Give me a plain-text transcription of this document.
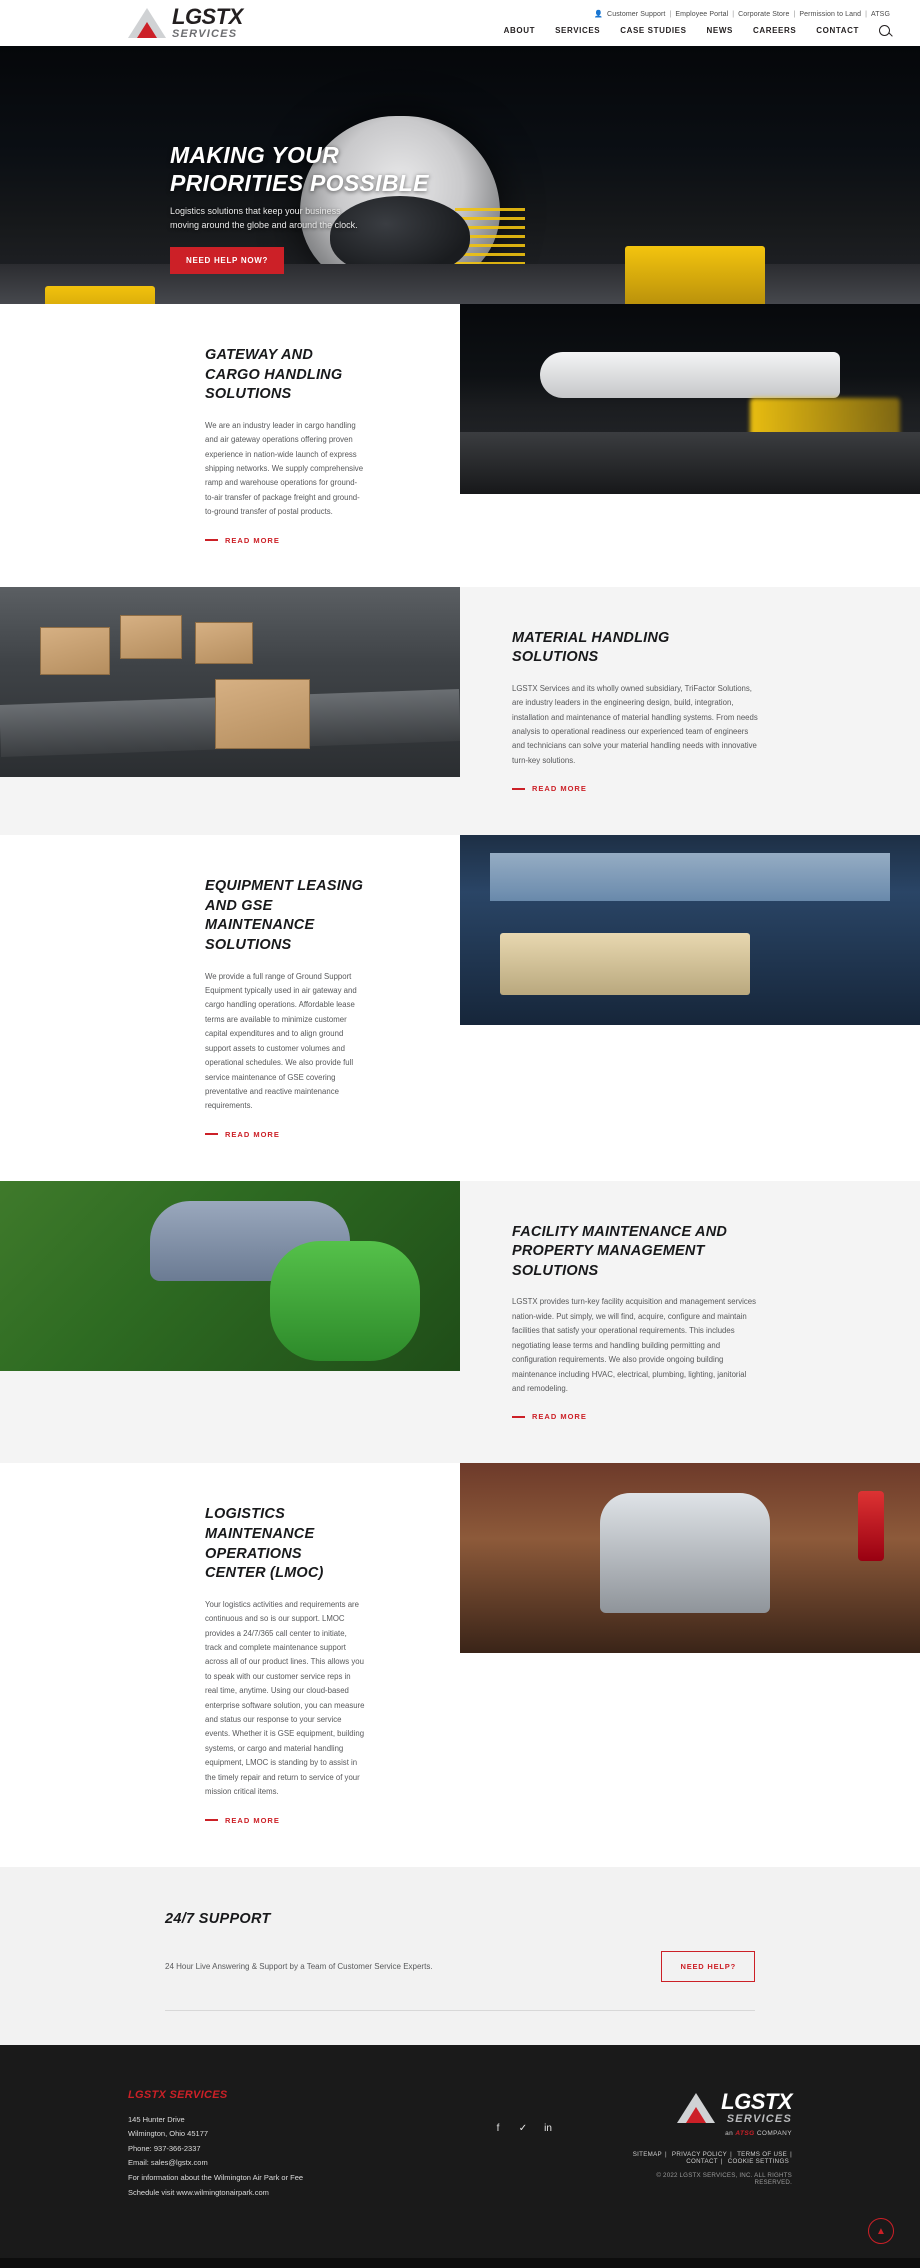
LGSTX
SERVICES
👤 Customer Support | Employee Portal | Corporate Store | Permission to Land | ATSG
ABOUT	SERVICES	CASE STUDIES	NEWS	CAREERS	CONTACT
MAKING YOUR
PRIORITIES POSSIBLE
Logistics solutions that keep your business moving around the globe and around the clock.
NEED HELP NOW?
GATEWAY AND CARGO HANDLING SOLUTIONS
We are an industry leader in cargo handling and air gateway operations offering proven experience in nation-wide launch of express shipping networks. We supply comprehensive ramp and warehouse operations for ground-to-air transfer of package freight and ground-to-ground transfer of postal products.
READ MORE
MATERIAL HANDLING SOLUTIONS
LGSTX Services and its wholly owned subsidiary, TriFactor Solutions, are industry leaders in the engineering design, build, integration, installation and maintenance of material handling systems. From needs analysis to operational readiness our experienced team of engineers and technicians can solve your material handling needs with innovative turn-key solutions.
READ MORE
EQUIPMENT LEASING AND GSE MAINTENANCE SOLUTIONS
We provide a full range of Ground Support Equipment typically used in air gateway and cargo handling operations. Affordable lease terms are available to minimize customer capital expenditures and to align ground support assets to customer volumes and operational schedules. We also provide full service maintenance of GSE covering preventative and reactive maintenance requirements.
READ MORE
FACILITY MAINTENANCE AND PROPERTY MANAGEMENT SOLUTIONS
LGSTX provides turn-key facility acquisition and management services nation-wide. Put simply, we will find, acquire, configure and maintain facilities that satisfy your operational requirements. This includes negotiating lease terms and handling building permitting and configuration requirements. We also provide ongoing building maintenance including HVAC, electrical, plumbing, lighting, janitorial and remodeling.
READ MORE
LOGISTICS MAINTENANCE OPERATIONS CENTER (LMOC)
Your logistics activities and requirements are continuous and so is our support. LMOC provides a 24/7/365 call center to initiate, track and complete maintenance support across all of our product lines. This allows you to speak with our customer service reps in real time, anytime. Using our cloud-based enterprise software solution, you can measure and status our response to your service events. Whether it is GSE equipment, building systems, or cargo and material handling equipment, LMOC is standing by to assist in the timely repair and return to service of your mission critical items.
READ MORE
24/7 SUPPORT
24 Hour Live Answering & Support by a Team of Customer Service Experts.	NEED HELP?
LGSTX SERVICES
145 Hunter Drive
Wilmington, Ohio 45177
Phone: 937-366-2337
Email: sales@lgstx.com
For information about the Wilmington Air Park or Fee
Schedule visit www.wilmingtonairpark.com
f	✓ in
LGSTX
SERVICES
an ATSG COMPANY
SITEMAP | PRIVACY POLICY | TERMS OF USE | CONTACT | COOKIE SETTINGS
© 2022 LGSTX SERVICES, INC. ALL RIGHTS RESERVED.
▲
